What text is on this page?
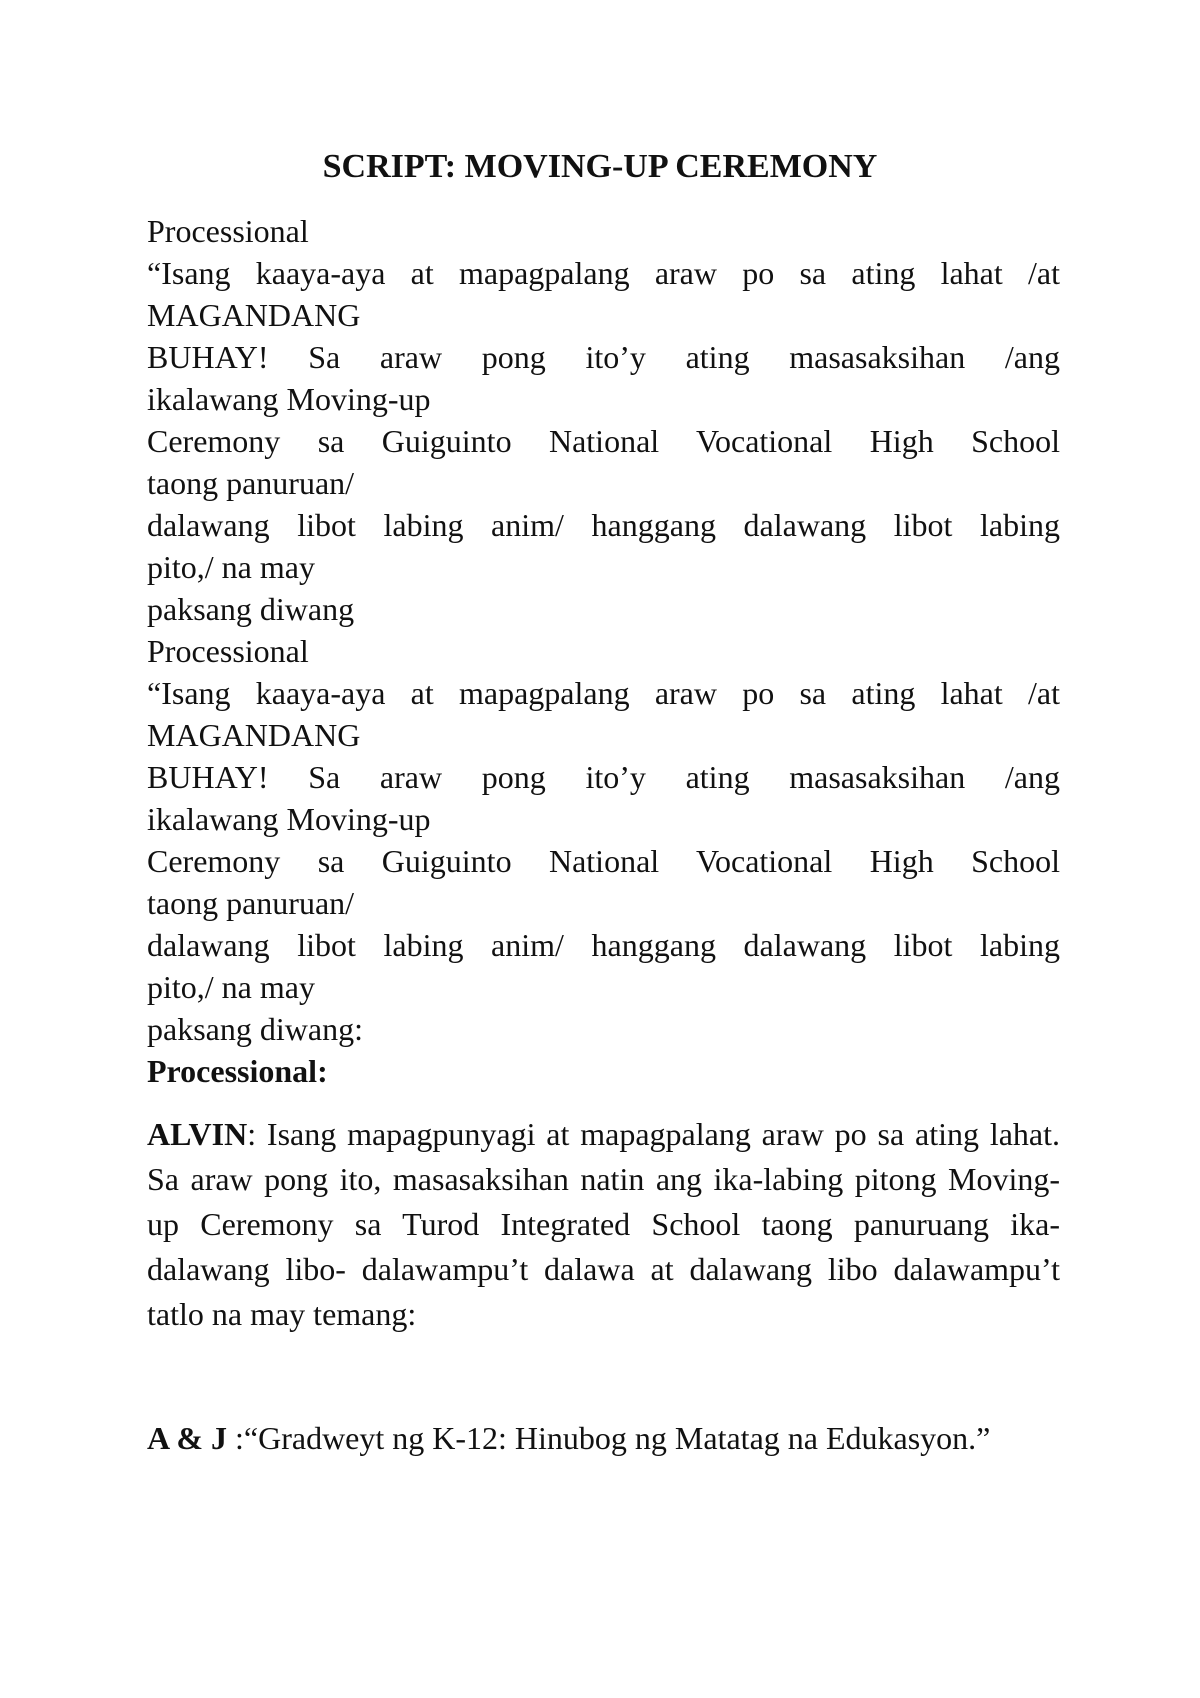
SCRIPT: MOVING-UP CEREMONY
Processional
“Isang kaaya-aya at mapagpalang araw po sa ating lahat /at
MAGANDANG
BUHAY! Sa araw pong ito’y ating masasaksihan /ang
ikalawang Moving-up
Ceremony sa Guiguinto National Vocational High School
taong panuruan/
dalawang libot labing anim/ hanggang dalawang libot labing
pito,/ na may
paksang diwang
Processional
“Isang kaaya-aya at mapagpalang araw po sa ating lahat /at
MAGANDANG
BUHAY! Sa araw pong ito’y ating masasaksihan /ang
ikalawang Moving-up
Ceremony sa Guiguinto National Vocational High School
taong panuruan/
dalawang libot labing anim/ hanggang dalawang libot labing
pito,/ na may
paksang diwang:
Processional:
ALVIN: Isang mapagpunyagi at mapagpalang araw po sa ating lahat. Sa araw pong ito, masasaksihan natin ang ika-labing pitong Moving-up Ceremony sa Turod Integrated School taong panuruang ika-dalawang libo- dalawampu’t dalawa at dalawang libo dalawampu’t tatlo na may temang:
A & J :“Gradweyt ng K-12: Hinubog ng Matatag na Edukasyon.”
